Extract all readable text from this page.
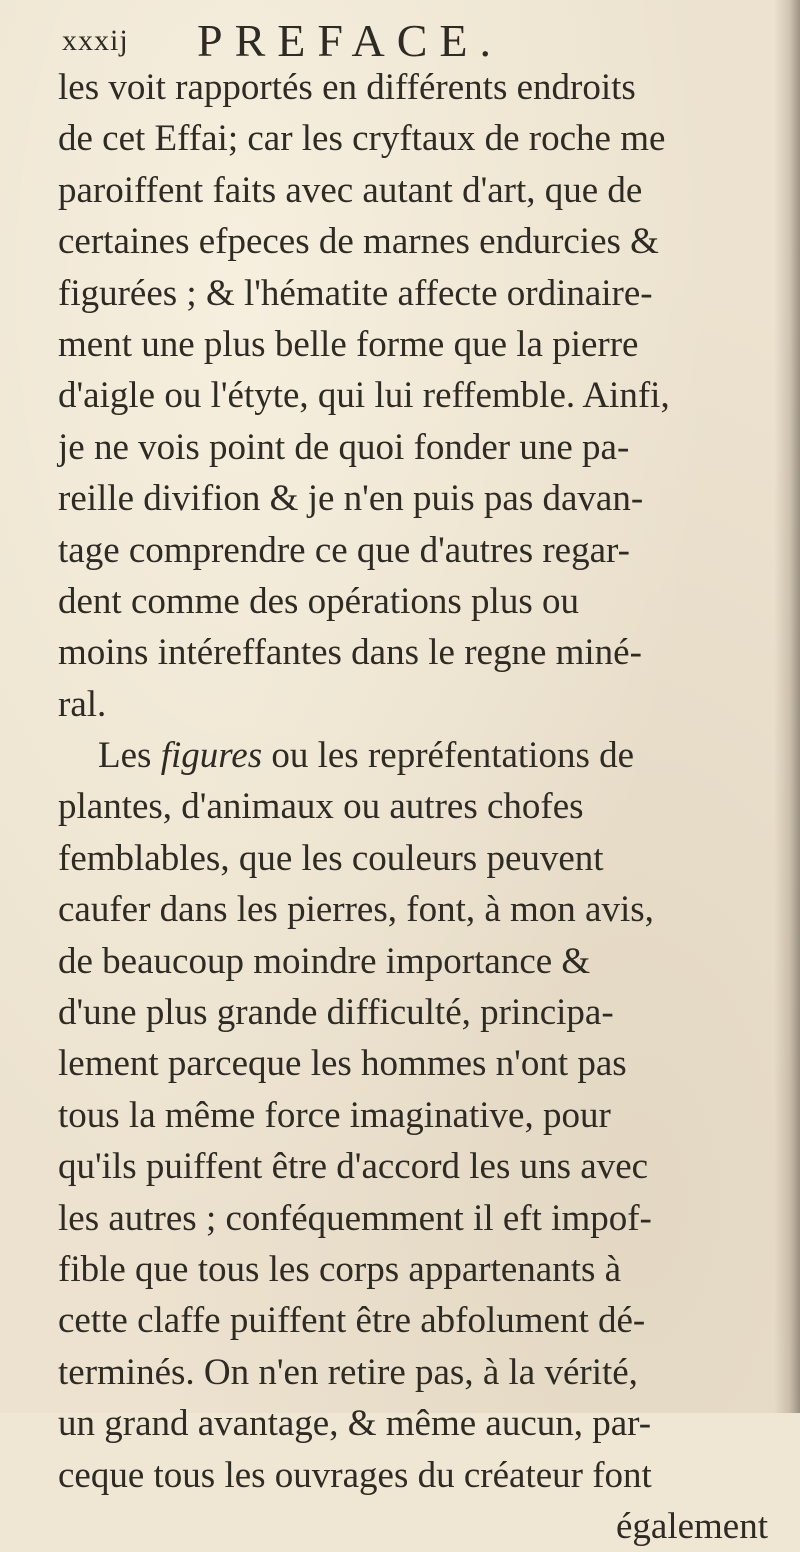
xxxij PREFACE.
les voit rapportés en différents endroits
de cet Effai; car les cryftaux de roche me
paroiffent faits avec autant d'art, que de
certaines efpeces de marnes endurcies &
figurées ; & l'hématite affecte ordinaire-
ment une plus belle forme que la pierre
d'aigle ou l'étyte, qui lui reffemble. Ainfi,
je ne vois point de quoi fonder une pa-
reille divifion & je n'en puis pas davan-
tage comprendre ce que d'autres regar-
dent comme des opérations plus ou
moins intéreffantes dans le regne miné-
ral.
Les figures ou les repréfentations de
plantes, d'animaux ou autres chofes
femblables, que les couleurs peuvent
caufer dans les pierres, font, à mon avis,
de beaucoup moindre importance &
d'une plus grande difficulté, principa-
lement parceque les hommes n'ont pas
tous la même force imaginative, pour
qu'ils puiffent être d'accord les uns avec
les autres ; conféquemment il eft impof-
fible que tous les corps appartenants à
cette claffe puiffent être abfolument dé-
terminés. On n'en retire pas, à la vérité,
un grand avantage, & même aucun, par-
ceque tous les ouvrages du créateur font
également
